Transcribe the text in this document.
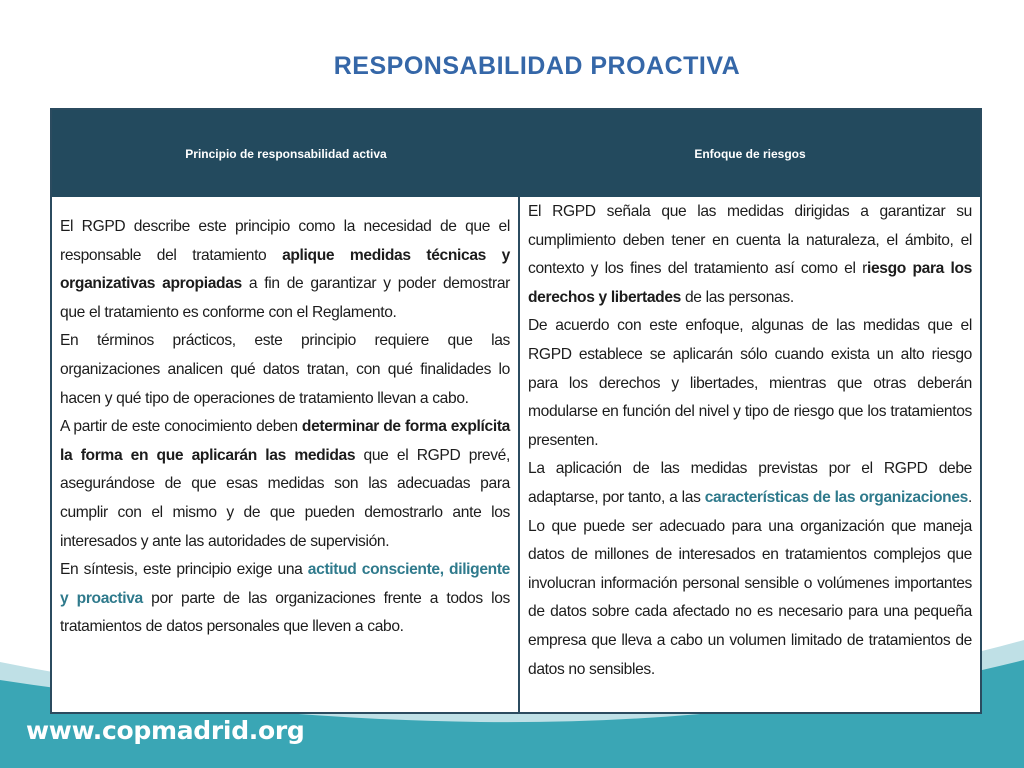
RESPONSABILIDAD PROACTIVA
Principio de responsabilidad activa	Enfoque de riesgos

El RGPD describe este principio como la necesidad de que el responsable del tratamiento aplique medidas técnicas y organizativas apropiadas a fin de garantizar y poder demostrar que el tratamiento es conforme con el Reglamento.

En términos prácticos, este principio requiere que las organizaciones analicen qué datos tratan, con qué finalidades lo hacen y qué tipo de operaciones de tratamiento llevan a cabo.

A partir de este conocimiento deben determinar de forma explícita la forma en que aplicarán las medidas que el RGPD prevé, asegurándose de que esas medidas son las adecuadas para cumplir con el mismo y de que pueden demostrarlo ante los interesados y ante las autoridades de supervisión.

En síntesis, este principio exige una actitud consciente, diligente y proactiva por parte de las organizaciones frente a todos los tratamientos de datos personales que lleven a cabo.

El RGPD señala que las medidas dirigidas a garantizar su cumplimiento deben tener en cuenta la naturaleza, el ámbito, el contexto y los fines del tratamiento así como el riesgo para los derechos y libertades de las personas.

De acuerdo con este enfoque, algunas de las medidas que el RGPD establece se aplicarán sólo cuando exista un alto riesgo para los derechos y libertades, mientras que otras deberán modularse en función del nivel y tipo de riesgo que los tratamientos presenten.

La aplicación de las medidas previstas por el RGPD debe adaptarse, por tanto, a las características de las organizaciones. Lo que puede ser adecuado para una organización que maneja datos de millones de interesados en tratamientos complejos que involucran información personal sensible o volúmenes importantes de datos sobre cada afectado no es necesario para una pequeña empresa que lleva a cabo un volumen limitado de tratamientos de datos no sensibles.

www.copmadrid.org
